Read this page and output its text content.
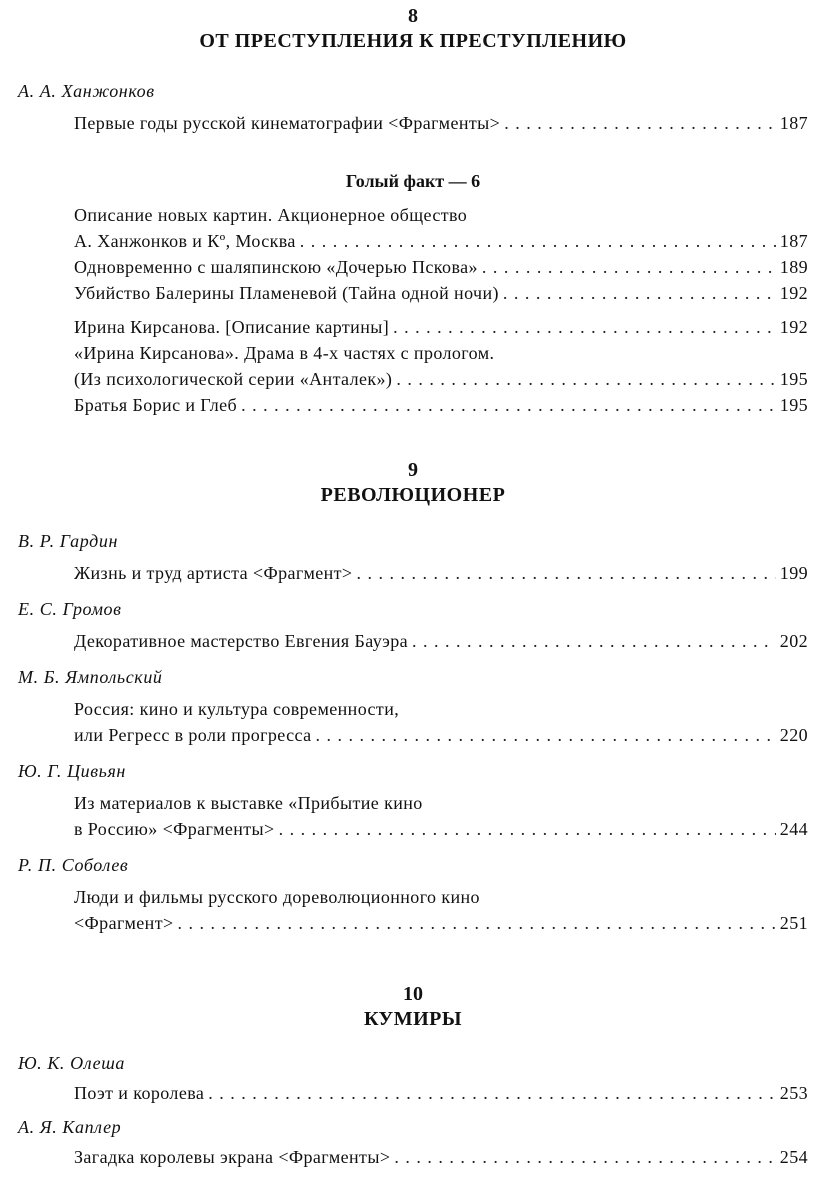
8
ОТ ПРЕСТУПЛЕНИЯ К ПРЕСТУПЛЕНИЮ
А. А. Ханжонков
Первые годы русской кинематографии <Фрагменты> . . .	187
Голый факт — 6
Описание новых картин. Акционерное общество
А. Ханжонков и Кº, Москва . . .	187
Одновременно с шаляпинскою «Дочерью Пскова» . . .	189
Убийство Балерины Пламеневой (Тайна одной ночи) . . .	192
Ирина Кирсанова. [Описание картины] . . .	192
«Ирина Кирсанова». Драма в 4-х частях с прологом.
(Из психологической серии «Анталек») . . .	195
Братья Борис и Глеб . . .	195
9
РЕВОЛЮЦИОНЕР
В. Р. Гардин
Жизнь и труд артиста <Фрагмент> . . .	199
Е. С. Громов
Декоративное мастерство Евгения Бауэра . . .	202
М. Б. Ямпольский
Россия: кино и культура современности,
или Регресс в роли прогресса . . .	220
Ю. Г. Цивьян
Из материалов к выставке «Прибытие кино
в Россию» <Фрагменты> . . .	244
Р. П. Соболев
Люди и фильмы русского дореволюционного кино
<Фрагмент> . . .	251
10
КУМИРЫ
Ю. К. Олеша
Поэт и королева . . .	253
А. Я. Каплер
Загадка королевы экрана <Фрагменты> . . .	254
